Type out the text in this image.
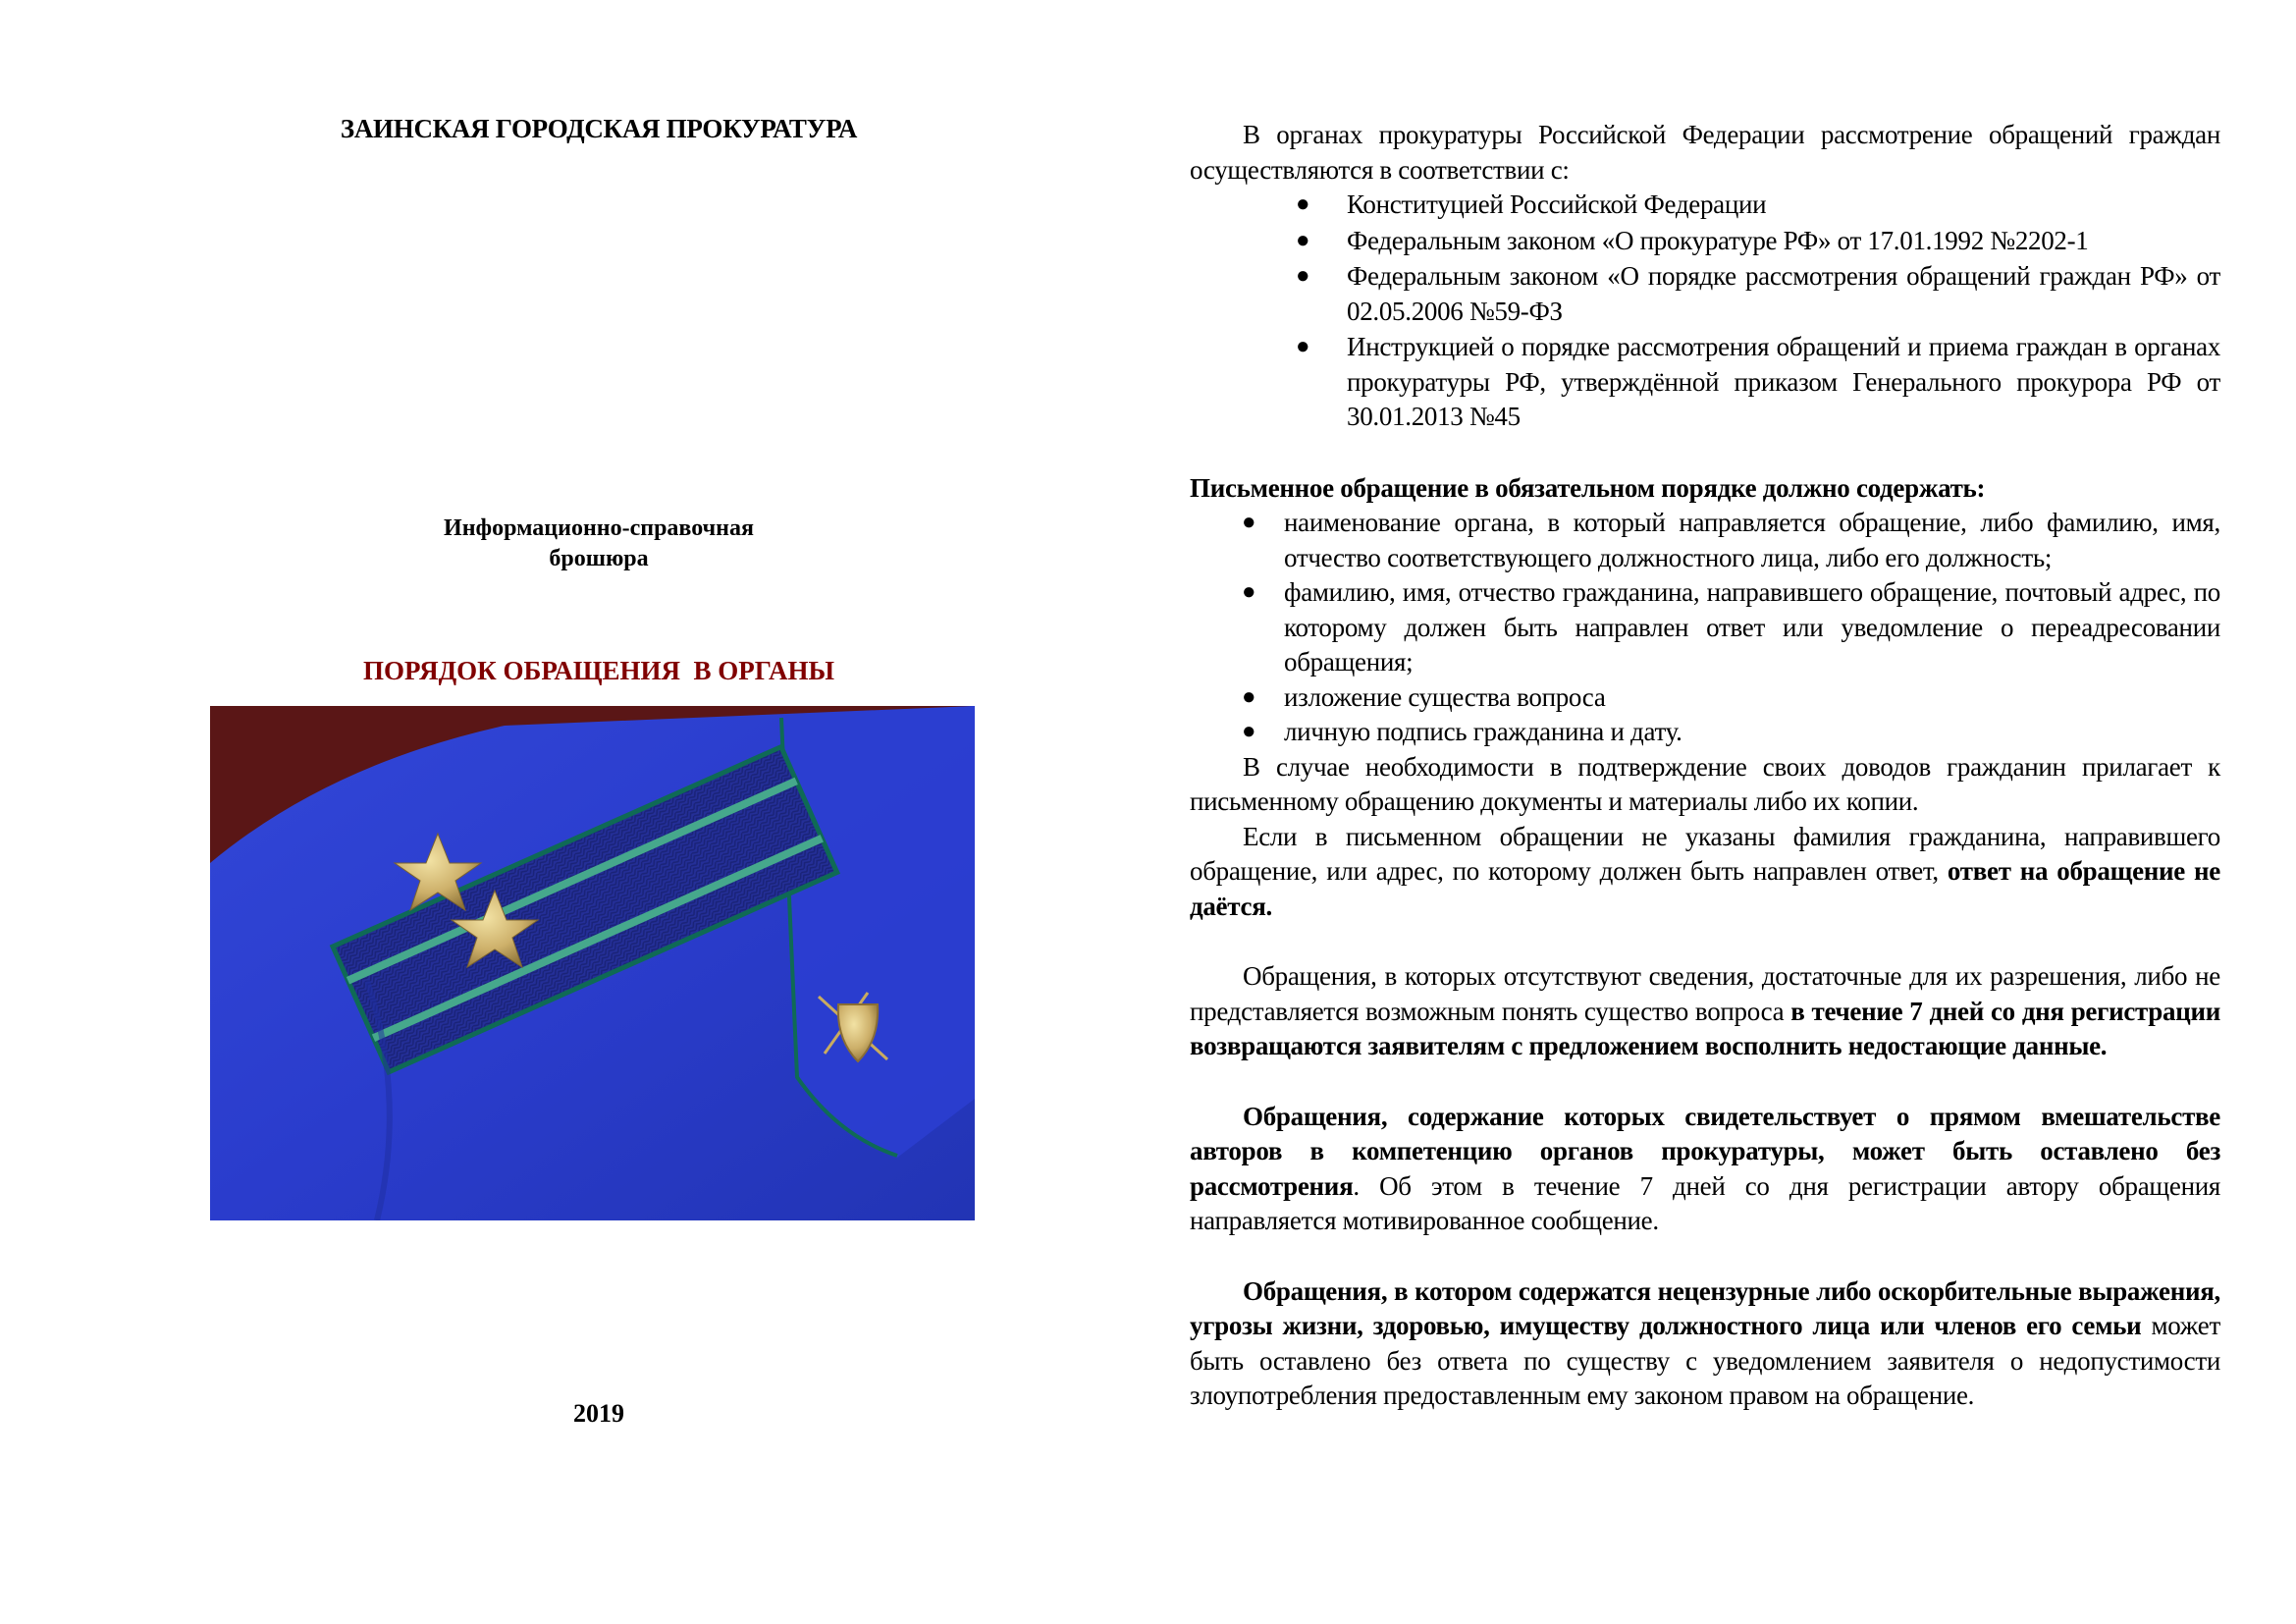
ЗАИНСКАЯ ГОРОДСКАЯ ПРОКУРАТУРА
Информационно-справочная
брошюра

ПОРЯДОК ОБРАЩЕНИЯ  В ОРГАНЫ

2019

В органах прокуратуры Российской Федерации рассмотрение обращений граждан осуществляются в соответствии с:

● Конституцией Российской Федерации
● Федеральным законом «О прокуратуре РФ» от 17.01.1992 №2202-1
● Федеральным законом «О порядке рассмотрения обращений граждан РФ» от 02.05.2006 №59-ФЗ
● Инструкцией о порядке рассмотрения обращений и приема граждан в органах прокуратуры РФ, утверждённой приказом Генерального прокурора РФ от 30.01.2013 №45

Письменное обращение в обязательном порядке должно содержать:

● наименование органа, в который направляется обращение, либо фамилию, имя, отчество соответствующего должностного лица, либо его должность;
● фамилию, имя, отчество гражданина, направившего обращение, почтовый адрес, по которому должен быть направлен ответ или уведомление о переадресовании обращения;
● изложение существа вопроса
● личную подпись гражданина и дату.

В случае необходимости в подтверждение своих доводов гражданин прилагает к письменному обращению документы и материалы либо их копии.

Если в письменном обращении не указаны фамилия гражданина, направившего обращение, или адрес, по которому должен быть направлен ответ, ответ на обращение не даётся.

Обращения, в которых отсутствуют сведения, достаточные для их разрешения, либо не представляется возможным понять существо вопроса в течение 7 дней со дня регистрации возвращаются заявителям с предложением восполнить недостающие данные.

Обращения, содержание которых свидетельствует о прямом вмешательстве авторов в компетенцию органов прокуратуры, может быть оставлено без рассмотрения. Об этом в течение 7 дней со дня регистрации автору обращения направляется мотивированное сообщение.

Обращения, в котором содержатся нецензурные либо оскорбительные выражения, угрозы жизни, здоровью, имуществу должностного лица или членов его семьи может быть оставлено без ответа по существу с уведомлением заявителя о недопустимости злоупотребления предоставленным ему законом правом на обращение.
